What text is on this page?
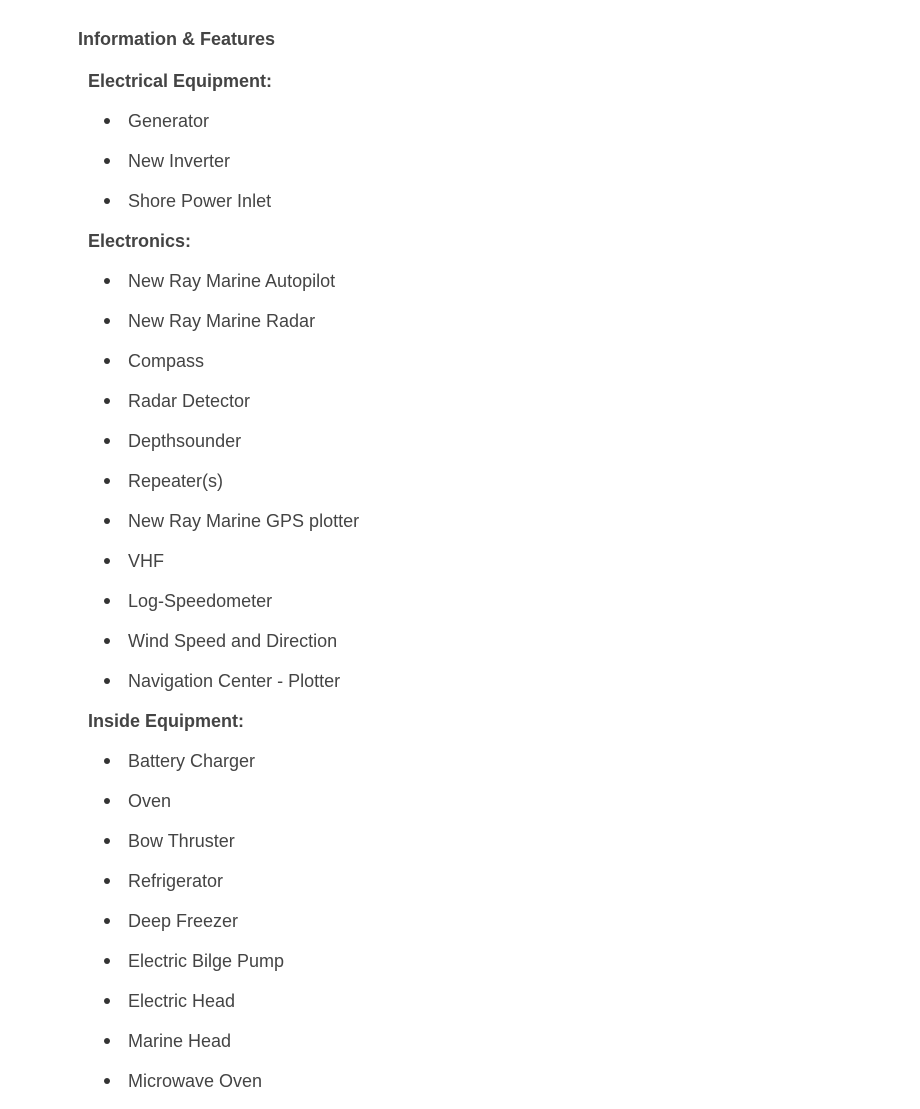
Information & Features
Electrical Equipment:
Generator
New Inverter
Shore Power Inlet
Electronics:
New Ray Marine Autopilot
New Ray Marine Radar
Compass
Radar Detector
Depthsounder
Repeater(s)
New Ray Marine GPS plotter
VHF
Log-Speedometer
Wind Speed and Direction
Navigation Center - Plotter
Inside Equipment:
Battery Charger
Oven
Bow Thruster
Refrigerator
Deep Freezer
Electric Bilge Pump
Electric Head
Marine Head
Microwave Oven
